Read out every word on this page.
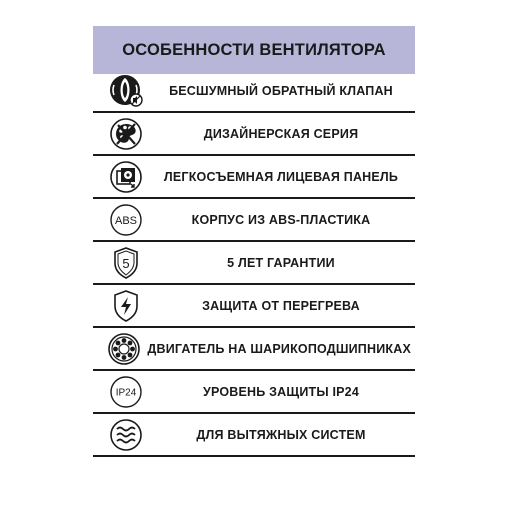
ОСОБЕННОСТИ ВЕНТИЛЯТОРА
БЕСШУМНЫЙ ОБРАТНЫЙ КЛАПАН
ДИЗАЙНЕРСКАЯ СЕРИЯ
ЛЕГКОСЪЕМНАЯ ЛИЦЕВАЯ ПАНЕЛЬ
ABS	КОРПУС ИЗ ABS-ПЛАСТИКА
5	5 ЛЕТ ГАРАНТИИ
ЗАЩИТА ОТ ПЕРЕГРЕВА
ДВИГАТЕЛЬ НА ШАРИКОПОДШИПНИКАХ
IP24	УРОВЕНЬ ЗАЩИТЫ IP24
ДЛЯ ВЫТЯЖНЫХ СИСТЕМ
